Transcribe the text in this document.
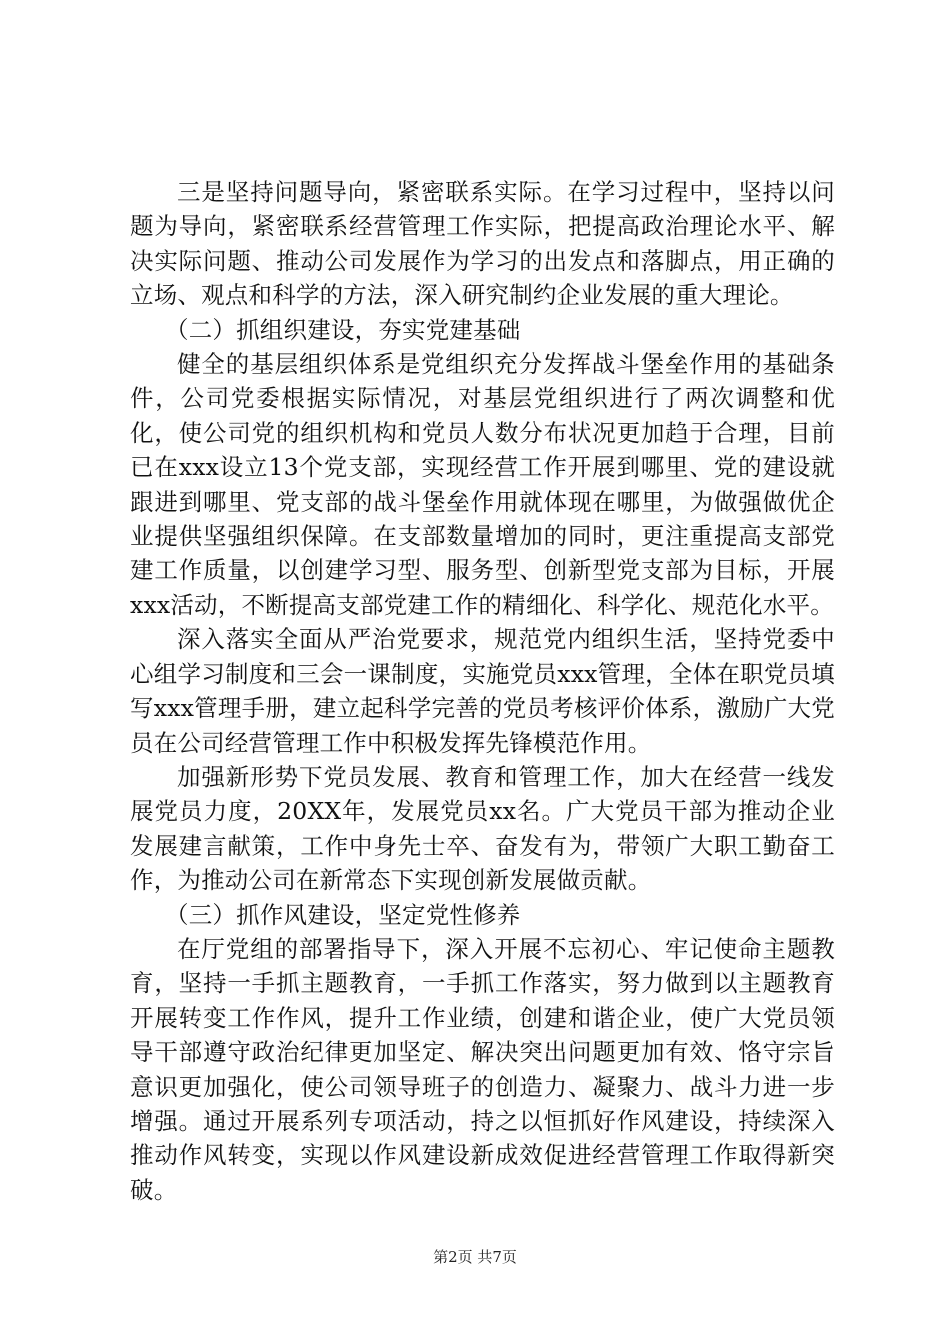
三是坚持问题导向，紧密联系实际。在学习过程中，坚持以问题为导向，紧密联系经营管理工作实际，把提高政治理论水平、解决实际问题、推动公司发展作为学习的出发点和落脚点，用正确的立场、观点和科学的方法，深入研究制约企业发展的重大理论。

（二）抓组织建设，夯实党建基础

健全的基层组织体系是党组织充分发挥战斗堡垒作用的基础条件，公司党委根据实际情况，对基层党组织进行了两次调整和优化，使公司党的组织机构和党员人数分布状况更加趋于合理，目前已在xxx设立13个党支部，实现经营工作开展到哪里、党的建设就跟进到哪里、党支部的战斗堡垒作用就体现在哪里，为做强做优企业提供坚强组织保障。在支部数量增加的同时，更注重提高支部党建工作质量，以创建学习型、服务型、创新型党支部为目标，开展xxx活动，不断提高支部党建工作的精细化、科学化、规范化水平。

深入落实全面从严治党要求，规范党内组织生活，坚持党委中心组学习制度和三会一课制度，实施党员xxx管理，全体在职党员填写xxx管理手册，建立起科学完善的党员考核评价体系，激励广大党员在公司经营管理工作中积极发挥先锋模范作用。

加强新形势下党员发展、教育和管理工作，加大在经营一线发展党员力度，20XX年，发展党员xx名。广大党员干部为推动企业发展建言献策，工作中身先士卒、奋发有为，带领广大职工勤奋工作，为推动公司在新常态下实现创新发展做贡献。

（三）抓作风建设，坚定党性修养

在厅党组的部署指导下，深入开展不忘初心、牢记使命主题教育，坚持一手抓主题教育，一手抓工作落实，努力做到以主题教育开展转变工作作风，提升工作业绩，创建和谐企业，使广大党员领导干部遵守政治纪律更加坚定、解决突出问题更加有效、恪守宗旨意识更加强化，使公司领导班子的创造力、凝聚力、战斗力进一步增强。通过开展系列专项活动，持之以恒抓好作风建设，持续深入推动作风转变，实现以作风建设新成效促进经营管理工作取得新突破。

第2页 共7页
